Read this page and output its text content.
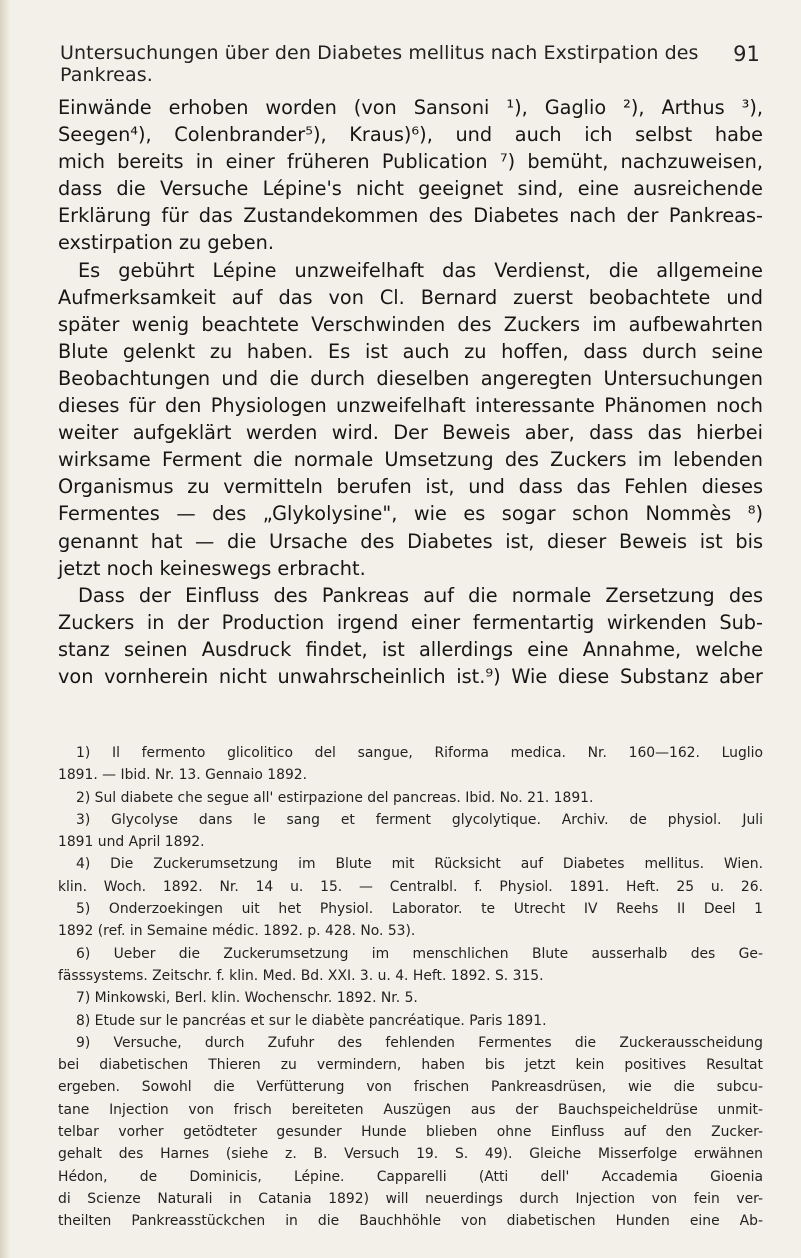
Untersuchungen über den Diabetes mellitus nach Exstirpation des Pankreas.
91
Einwände erhoben worden (von Sansoni ¹), Gaglio ²), Arthus ³),
Seegen⁴), Colenbrander⁵), Kraus)⁶), und auch ich selbst habe
mich bereits in einer früheren Publication ⁷) bemüht, nachzuweisen,
dass die Versuche Lépine's nicht geeignet sind, eine ausreichende
Erklärung für das Zustandekommen des Diabetes nach der Pankreas-
exstirpation zu geben.
Es gebührt Lépine unzweifelhaft das Verdienst, die allgemeine
Aufmerksamkeit auf das von Cl. Bernard zuerst beobachtete und
später wenig beachtete Verschwinden des Zuckers im aufbewahrten
Blute gelenkt zu haben. Es ist auch zu hoffen, dass durch seine
Beobachtungen und die durch dieselben angeregten Untersuchungen
dieses für den Physiologen unzweifelhaft interessante Phänomen noch
weiter aufgeklärt werden wird. Der Beweis aber, dass das hierbei
wirksame Ferment die normale Umsetzung des Zuckers im lebenden
Organismus zu vermitteln berufen ist, und dass das Fehlen dieses
Fermentes — des „Glykolysine", wie es sogar schon Nommès ⁸)
genannt hat — die Ursache des Diabetes ist, dieser Beweis ist bis
jetzt noch keineswegs erbracht.
Dass der Einfluss des Pankreas auf die normale Zersetzung des
Zuckers in der Production irgend einer fermentartig wirkenden Sub-
stanz seinen Ausdruck findet, ist allerdings eine Annahme, welche
von vornherein nicht unwahrscheinlich ist.⁹) Wie diese Substanz aber
1) Il fermento glicolitico del sangue, Riforma medica. Nr. 160—162. Luglio
1891. — Ibid. Nr. 13. Gennaio 1892.
2) Sul diabete che segue all' estirpazione del pancreas. Ibid. No. 21. 1891.
3) Glycolyse dans le sang et ferment glycolytique. Archiv. de physiol. Juli
1891 und April 1892.
4) Die Zuckerumsetzung im Blute mit Rücksicht auf Diabetes mellitus. Wien.
klin. Woch. 1892. Nr. 14 u. 15. — Centralbl. f. Physiol. 1891. Heft. 25 u. 26.
5) Onderzoekingen uit het Physiol. Laborator. te Utrecht IV Reehs II Deel 1
1892 (ref. in Semaine médic. 1892. p. 428. No. 53).
6) Ueber die Zuckerumsetzung im menschlichen Blute ausserhalb des Ge-
fässsystems. Zeitschr. f. klin. Med. Bd. XXI. 3. u. 4. Heft. 1892. S. 315.
7) Minkowski, Berl. klin. Wochenschr. 1892. Nr. 5.
8) Etude sur le pancréas et sur le diabète pancréatique. Paris 1891.
9) Versuche, durch Zufuhr des fehlenden Fermentes die Zuckerausscheidung
bei diabetischen Thieren zu vermindern, haben bis jetzt kein positives Resultat
ergeben. Sowohl die Verfütterung von frischen Pankreasdrüsen, wie die subcu-
tane Injection von frisch bereiteten Auszügen aus der Bauchspeicheldrüse unmit-
telbar vorher getödteter gesunder Hunde blieben ohne Einfluss auf den Zucker-
gehalt des Harnes (siehe z. B. Versuch 19. S. 49). Gleiche Misserfolge erwähnen
Hédon, de Dominicis, Lépine. Capparelli (Atti dell' Accademia Gioenia
di Scienze Naturali in Catania 1892) will neuerdings durch Injection von fein ver-
theilten Pankreasstückchen in die Bauchhöhle von diabetischen Hunden eine Ab-
